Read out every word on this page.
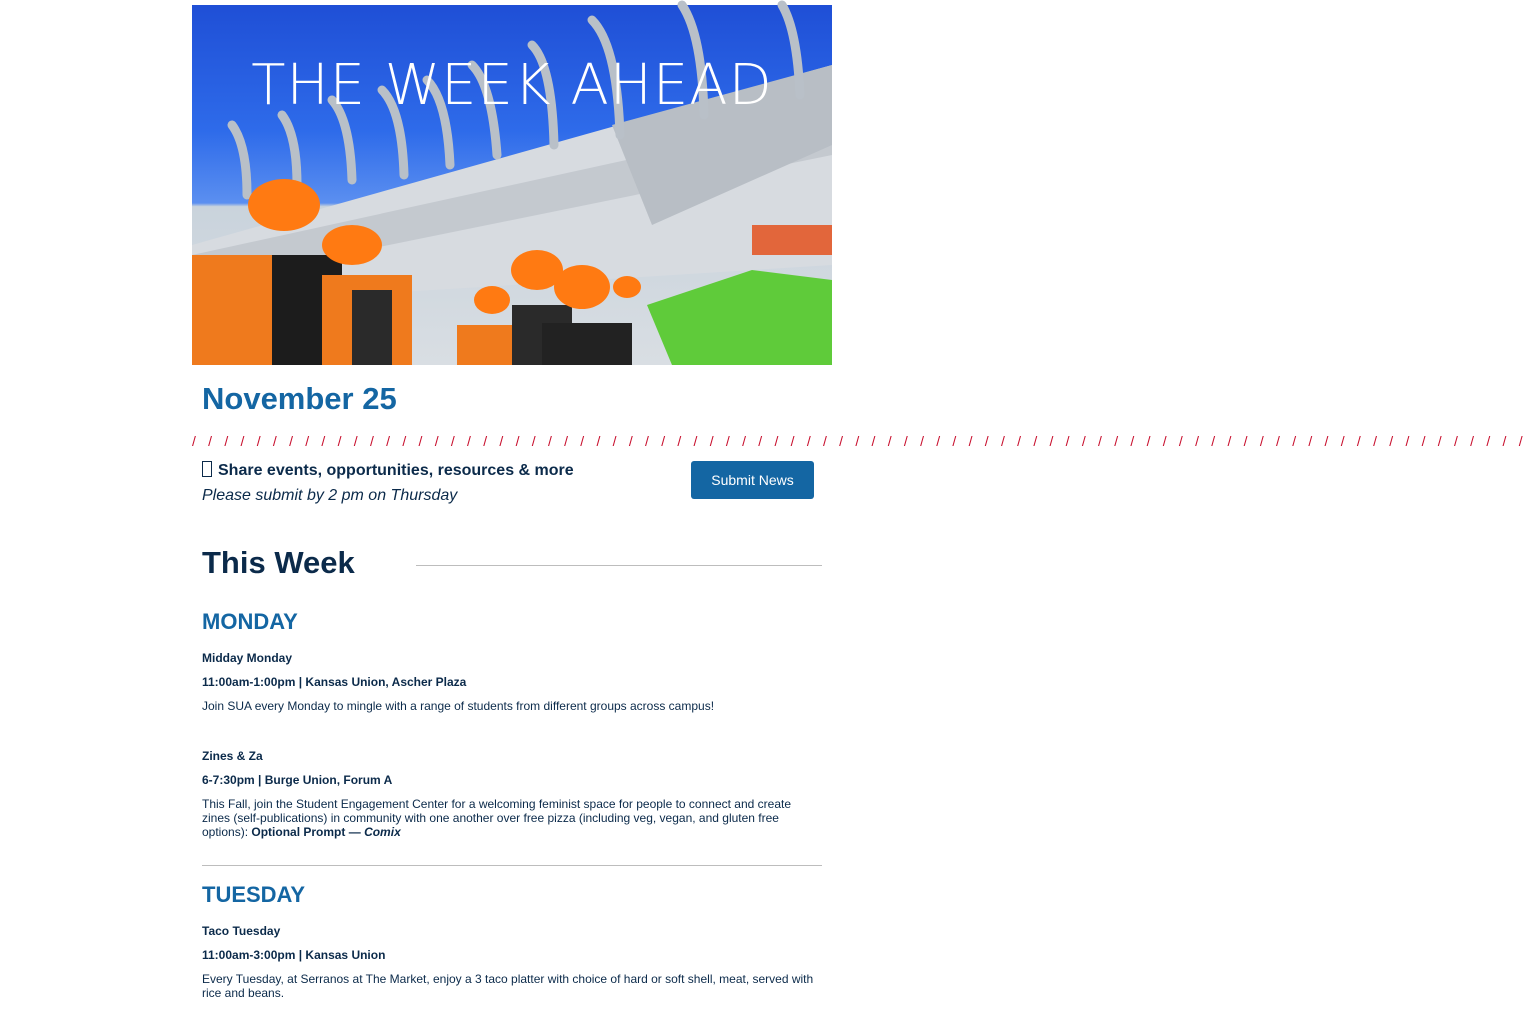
THE WEEK AHEAD
November 25
/ / / / / / / / / / / / / / / / / / / / / / / / / / / / / / / / / / / / / / / / / / / / / / / / / / / / / / / / / / / / / / / / / / / / / / / / / / / / / / / / / / /
Share events, opportunities, resources & more
Please submit by 2 pm on Thursday
Submit News
This Week
MONDAY
Midday Monday
11:00am-1:00pm | Kansas Union, Ascher Plaza
Join SUA every Monday to mingle with a range of students from different groups across campus!
Zines & Za
6-7:30pm | Burge Union, Forum A
This Fall, join the Student Engagement Center for a welcoming feminist space for people to connect and create zines (self-publications) in community with one another over free pizza (including veg, vegan, and gluten free options): Optional Prompt — Comix
TUESDAY
Taco Tuesday
11:00am-3:00pm | Kansas Union
Every Tuesday, at Serranos at The Market, enjoy a 3 taco platter with choice of hard or soft shell, meat, served with rice and beans.
